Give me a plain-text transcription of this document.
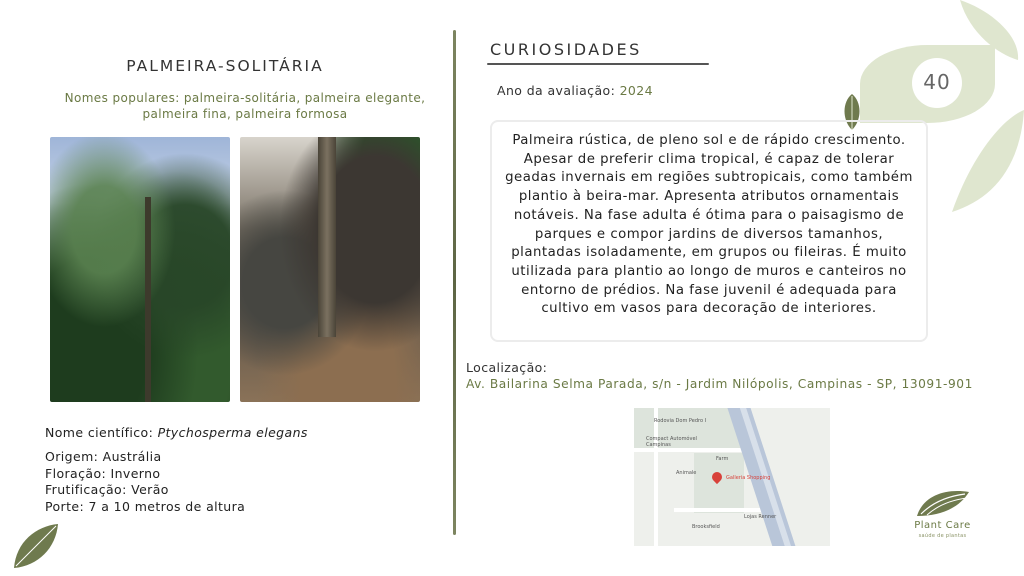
40
PALMEIRA-SOLITÁRIA
Nomes populares: palmeira-solitária, palmeira elegante, palmeira fina, palmeira formosa
Nome científico: Ptychosperma elegans
Origem: Austrália
Floração: Inverno
Frutificação: Verão
Porte: 7 a 10 metros de altura
CURIOSIDADES
Ano da avaliação: 2024
Palmeira rústica, de pleno sol e de rápido crescimento. Apesar de preferir clima tropical, é capaz de tolerar geadas invernais em regiões subtropicais, como também plantio à beira-mar. Apresenta atributos ornamentais notáveis. Na fase adulta é ótima para o paisagismo de parques e compor jardins de diversos tamanhos, plantadas isoladamente, em grupos ou fileiras. É muito utilizada para plantio ao longo de muros e canteiros no entorno de prédios. Na fase juvenil é adequada para cultivo em vasos para decoração de interiores.
Localização:
Av. Bailarina Selma Parada, s/n - Jardim Nilópolis, Campinas - SP, 13091-901
Rodovia Dom Pedro I
Compact Automóvel Campinas
Farm
Galleria Shopping
Animale
Lojas Renner
Brooksfield	Plant Care
saúde de plantas
